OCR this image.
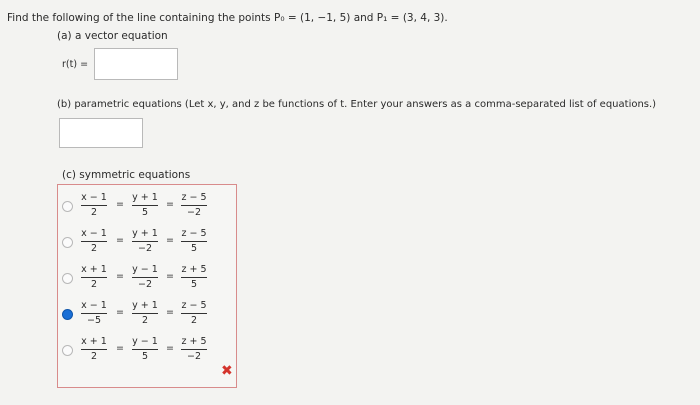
Find the following of the line containing the points P₀ = (1, −1, 5) and P₁ = (3, 4, 3).
(a) a vector equation
r(t) =
(b) parametric equations (Let x, y, and z be functions of t. Enter your answers as a comma-separated list of equations.)
(c) symmetric equations
x − 1
2
=
y + 1
5
=
z − 5
−2
x − 1
2
=
y + 1
−2
=
z − 5
5
x + 1
2
=
y − 1
−2
=
z + 5
5
x − 1
−5
=
y + 1
2
=
z − 5
2
x + 1
2
=
y − 1
5
=
z + 5
−2
✖
